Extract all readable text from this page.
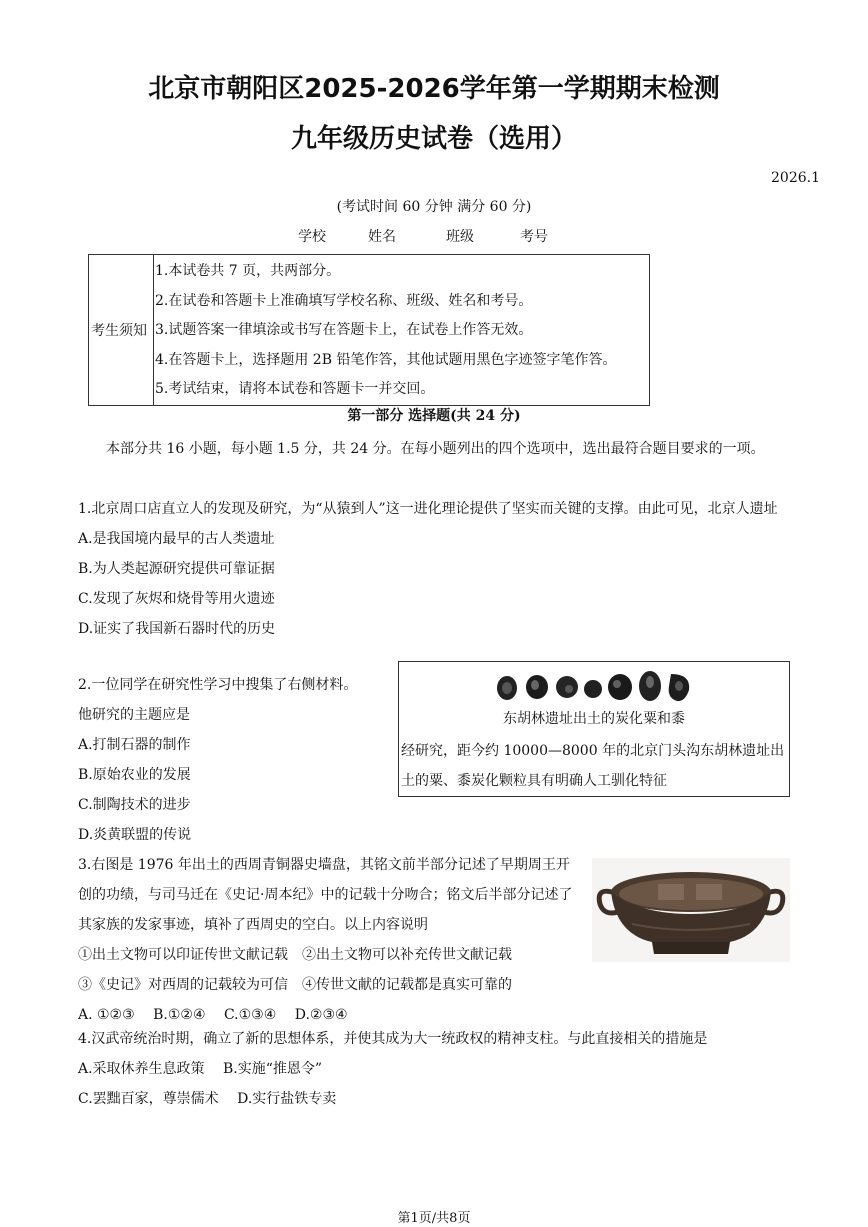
北京市朝阳区2025-2026学年第一学期期末检测
九年级历史试卷（选用）
2026.1
(考试时间 60 分钟 满分 60 分)
学校	姓名	班级	考号
考生须知
1.本试卷共 7 页，共两部分。
2.在试卷和答题卡上准确填写学校名称、班级、姓名和考号。
3.试题答案一律填涂或书写在答题卡上，在试卷上作答无效。
4.在答题卡上，选择题用 2B 铅笔作答，其他试题用黑色字迹签字笔作答。
5.考试结束，请将本试卷和答题卡一并交回。
第一部分 选择题(共 24 分)
本部分共 16 小题，每小题 1.5 分，共 24 分。在每小题列出的四个选项中，选出最符合题目要求的一项。
1.北京周口店直立人的发现及研究，为“从猿到人”这一进化理论提供了坚实而关键的支撑。由此可见，北京人遗址
A.是我国境内最早的古人类遗址
B.为人类起源研究提供可靠证据
C.发现了灰烬和烧骨等用火遗迹
D.证实了我国新石器时代的历史
2.一位同学在研究性学习中搜集了右侧材料。
他研究的主题应是
A.打制石器的制作
B.原始农业的发展
C.制陶技术的进步
D.炎黄联盟的传说
东胡林遗址出土的炭化粟和黍
经研究，距今约 10000—8000 年的北京门头沟东胡林遗址出土的粟、黍炭化颗粒具有明确人工驯化特征
3.右图是 1976 年出土的西周青铜器史墙盘，其铭文前半部分记述了早期周王开创的功绩，与司马迁在《史记·周本纪》中的记载十分吻合；铭文后半部分记述了其家族的发家事迹，填补了西周史的空白。以上内容说明
①出土文物可以印证传世文献记载　②出土文物可以补充传世文献记载
③《史记》对西周的记载较为可信　④传世文献的记载都是真实可靠的
A. ①②③　 B.①②④　 C.①③④　 D.②③④
4.汉武帝统治时期，确立了新的思想体系，并使其成为大一统政权的精神支柱。与此直接相关的措施是
A.采取休养生息政策　 B.实施“推恩令”
C.罢黜百家，尊崇儒术　 D.实行盐铁专卖
第1页/共8页
